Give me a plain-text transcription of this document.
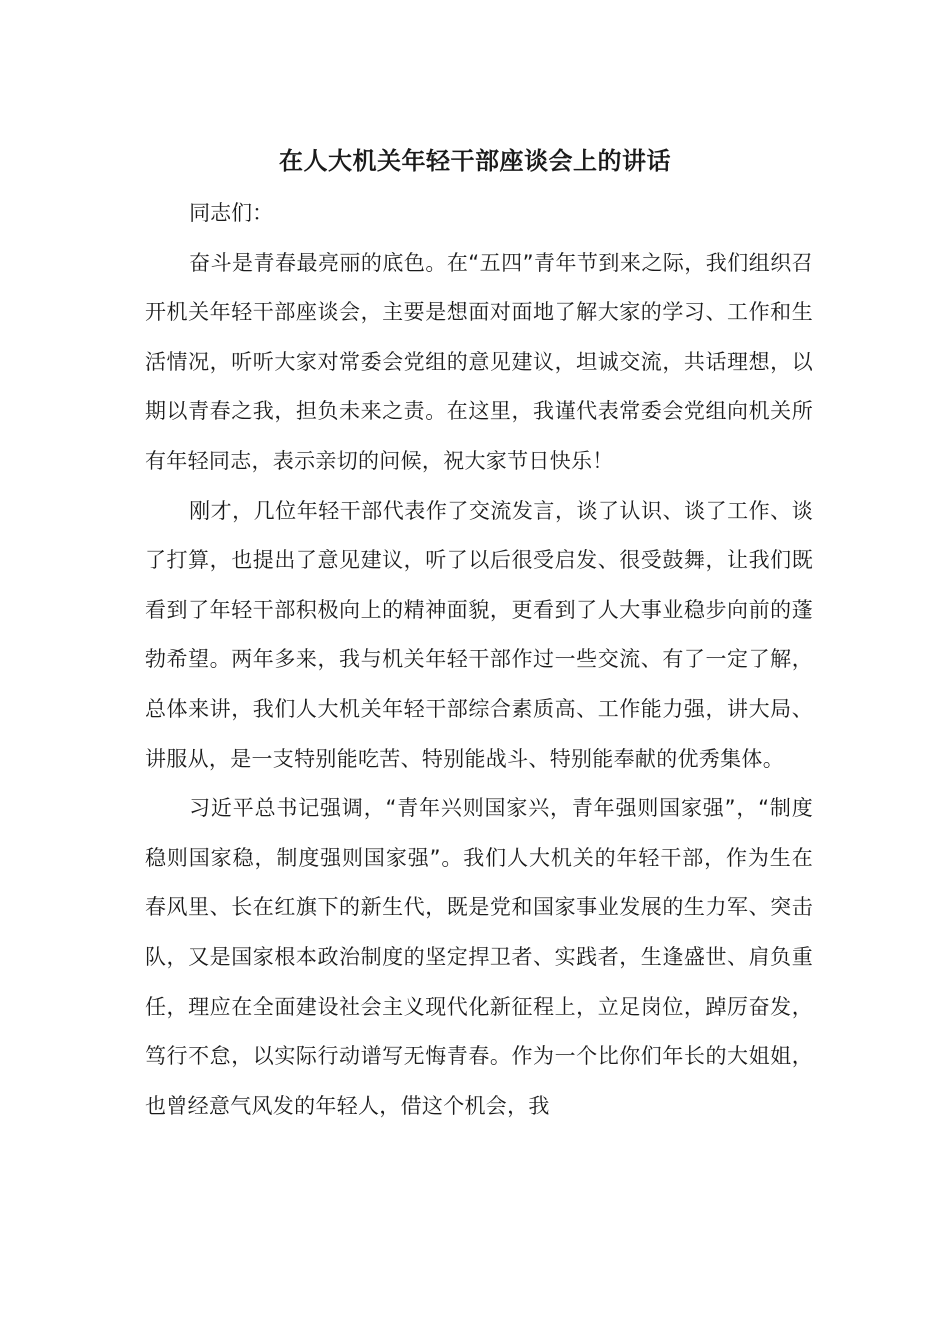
在人大机关年轻干部座谈会上的讲话

同志们：

奋斗是青春最亮丽的底色。在“五四”青年节到来之际，我们组织召开机关年轻干部座谈会，主要是想面对面地了解大家的学习、工作和生活情况，听听大家对常委会党组的意见建议，坦诚交流，共话理想，以期以青春之我，担负未来之责。在这里，我谨代表常委会党组向机关所有年轻同志，表示亲切的问候，祝大家节日快乐！

刚才，几位年轻干部代表作了交流发言，谈了认识、谈了工作、谈了打算，也提出了意见建议，听了以后很受启发、很受鼓舞，让我们既看到了年轻干部积极向上的精神面貌，更看到了人大事业稳步向前的蓬勃希望。两年多来，我与机关年轻干部作过一些交流、有了一定了解，总体来讲，我们人大机关年轻干部综合素质高、工作能力强，讲大局、讲服从，是一支特别能吃苦、特别能战斗、特别能奉献的优秀集体。

习近平总书记强调，“青年兴则国家兴，青年强则国家强”，“制度稳则国家稳，制度强则国家强”。我们人大机关的年轻干部，作为生在春风里、长在红旗下的新生代，既是党和国家事业发展的生力军、突击队，又是国家根本政治制度的坚定捍卫者、实践者，生逢盛世、肩负重任，理应在全面建设社会主义现代化新征程上，立足岗位，踔厉奋发，笃行不怠，以实际行动谱写无悔青春。作为一个比你们年长的大姐姐，也曾经意气风发的年轻人，借这个机会，我
